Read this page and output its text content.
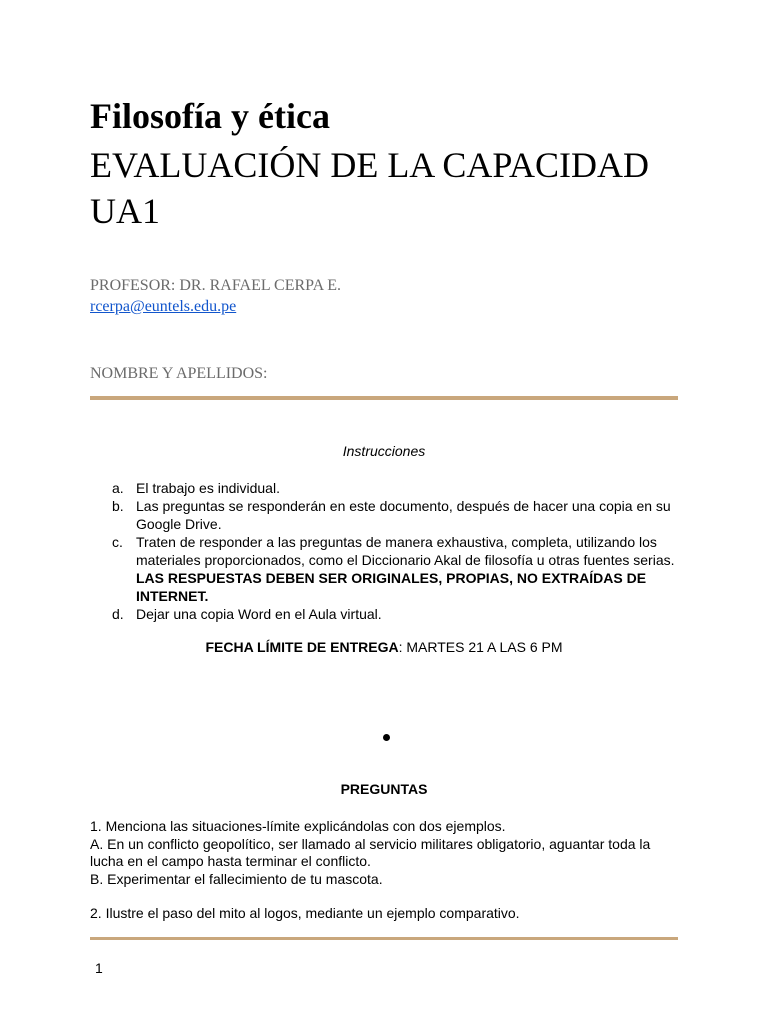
Filosofía y ética
EVALUACIÓN DE LA CAPACIDAD UA1
PROFESOR: DR. RAFAEL CERPA E.
rcerpa@euntels.edu.pe
NOMBRE Y APELLIDOS:
Instrucciones
a. El trabajo es individual.
b. Las preguntas se responderán en este documento, después de hacer una copia en su Google Drive.
c. Traten de responder a las preguntas de manera exhaustiva, completa, utilizando los materiales proporcionados, como el Diccionario Akal de filosofía u otras fuentes serias. LAS RESPUESTAS DEBEN SER ORIGINALES, PROPIAS, NO EXTRAÍDAS DE INTERNET.
d. Dejar una copia Word en el Aula virtual.
FECHA LÍMITE DE ENTREGA: MARTES 21 A LAS 6 PM
PREGUNTAS
1. Menciona las situaciones-límite explicándolas con dos ejemplos.
A. En un conflicto geopolítico, ser llamado al servicio militares obligatorio, aguantar toda la lucha en el campo hasta terminar el conflicto.
B. Experimentar el fallecimiento de tu mascota.
2. Ilustre el paso del mito al logos, mediante un ejemplo comparativo.
1
